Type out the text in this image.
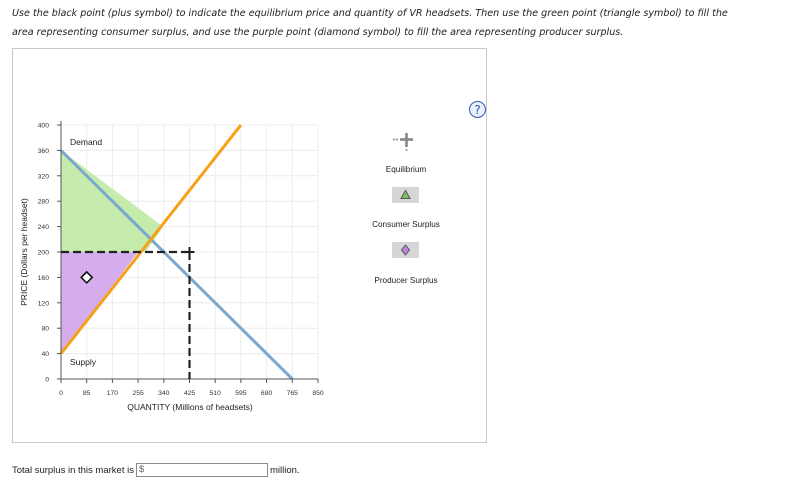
Use the black point (plus symbol) to indicate the equilibrium price and quantity of VR headsets. Then use the green point (triangle symbol) to fill the
area representing consumer surplus, and use the purple point (diamond symbol) to fill the area representing producer surplus.
?
0
40
80
120
160
200
240
280
320
360
400
0	85 170 255 340 425 510 595 680 765 850
Demand
Supply
QUANTITY (Millions of headsets)
PRICE (Dollars per headset)
Equilibrium
Consumer Surplus
Producer Surplus
Total surplus in this market is $	million.
